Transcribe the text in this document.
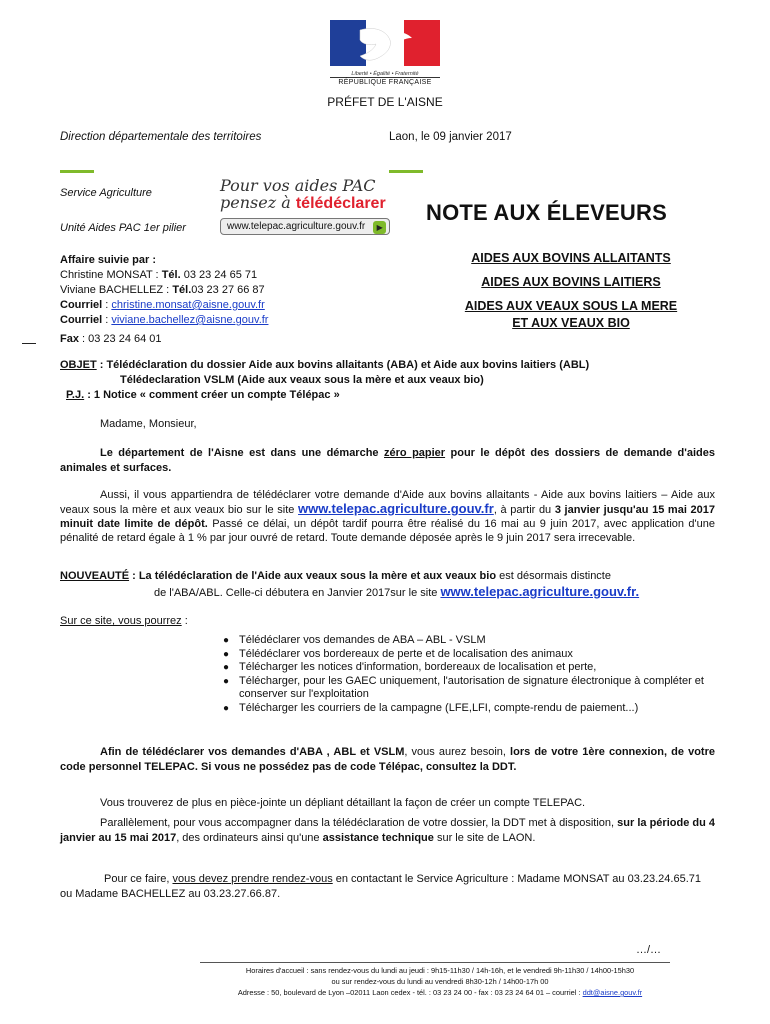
Liberté • Égalité • Fraternité
RÉPUBLIQUE FRANÇAISE
PRÉFET DE L'AISNE
Direction départementale des territoires	Laon, le 09 janvier 2017
Service Agriculture
Unité Aides PAC 1er pilier
Pour vos aides PAC
pensez à télédéclarer
www.telepac.agriculture.gouv.fr	▶
NOTE AUX ÉLEVEURS
AIDES AUX BOVINS ALLAITANTS
AIDES AUX BOVINS LAITIERS
AIDES AUX VEAUX SOUS LA MERE
ET AUX VEAUX BIO
Affaire suivie par :
Christine MONSAT : Tél. 03 23 24 65 71
Viviane BACHELLEZ : Tél.03 23 27 66 87
Courriel : christine.monsat@aisne.gouv.fr
Courriel : viviane.bachellez@aisne.gouv.fr
Fax : 03 23 24 64 01
OBJET : Télédéclaration du dossier Aide aux bovins allaitants (ABA) et Aide aux bovins laitiers (ABL)
Télédeclaration VSLM (Aide aux veaux sous la mère et aux veaux bio)
P.J. : 1 Notice « comment créer un compte Télépac »
Madame, Monsieur,
Le département de l'Aisne est dans une démarche zéro papier pour le dépôt des dossiers de demande d'aides animales et surfaces.
Aussi, il vous appartiendra de télédéclarer votre demande d'Aide aux bovins allaitants - Aide aux bovins laitiers – Aide aux veaux sous la mère et aux veaux bio sur le site www.telepac.agriculture.gouv.fr, à partir du 3 janvier jusqu'au 15 mai 2017 minuit date limite de dépôt. Passé ce délai, un dépôt tardif pourra être réalisé du 16 mai au 9 juin 2017, avec application d'une pénalité de retard égale à 1 % par jour ouvré de retard. Toute demande déposée après le 9 juin 2017 sera irrecevable.
NOUVEAUTÉ : La télédéclaration de l'Aide aux veaux sous la mère et aux veaux bio est désormais distincte
de l'ABA/ABL. Celle-ci débutera en Janvier 2017sur le site www.telepac.agriculture.gouv.fr.
Sur ce site, vous pourrez :
● Télédéclarer vos demandes de ABA – ABL - VSLM
● Télédéclarer vos bordereaux de perte et de localisation des animaux
● Télécharger les notices d'information, bordereaux de localisation et perte,
● Télécharger, pour les GAEC uniquement, l'autorisation de signature électronique à compléter et conserver sur l'exploitation
● Télécharger les courriers de la campagne (LFE,LFI, compte-rendu de paiement...)
Afin de télédéclarer vos demandes d'ABA , ABL et VSLM, vous aurez besoin, lors de votre 1ère connexion, de votre code personnel TELEPAC. Si vous ne possédez pas de code Télépac, consultez la DDT.
Vous trouverez de plus en pièce-jointe un dépliant détaillant la façon de créer un compte TELEPAC.
Parallèlement, pour vous accompagner dans la télédéclaration de votre dossier, la DDT met à disposition, sur la période du 4 janvier au 15 mai 2017, des ordinateurs ainsi qu'une assistance technique sur le site de LAON.
Pour ce faire, vous devez prendre rendez-vous en contactant le Service Agriculture : Madame MONSAT au 03.23.24.65.71 ou Madame BACHELLEZ au 03.23.27.66.87.
…/…
Horaires d'accueil : sans rendez-vous du lundi au jeudi : 9h15-11h30 / 14h-16h, et le vendredi 9h-11h30 / 14h00-15h30
ou sur rendez-vous du lundi au vendredi 8h30-12h / 14h00-17h 00
Adresse : 50, boulevard de Lyon –02011 Laon cedex - tél. : 03 23 24 00 - fax : 03 23 24 64 01 – courriel : ddt@aisne.gouv.fr
